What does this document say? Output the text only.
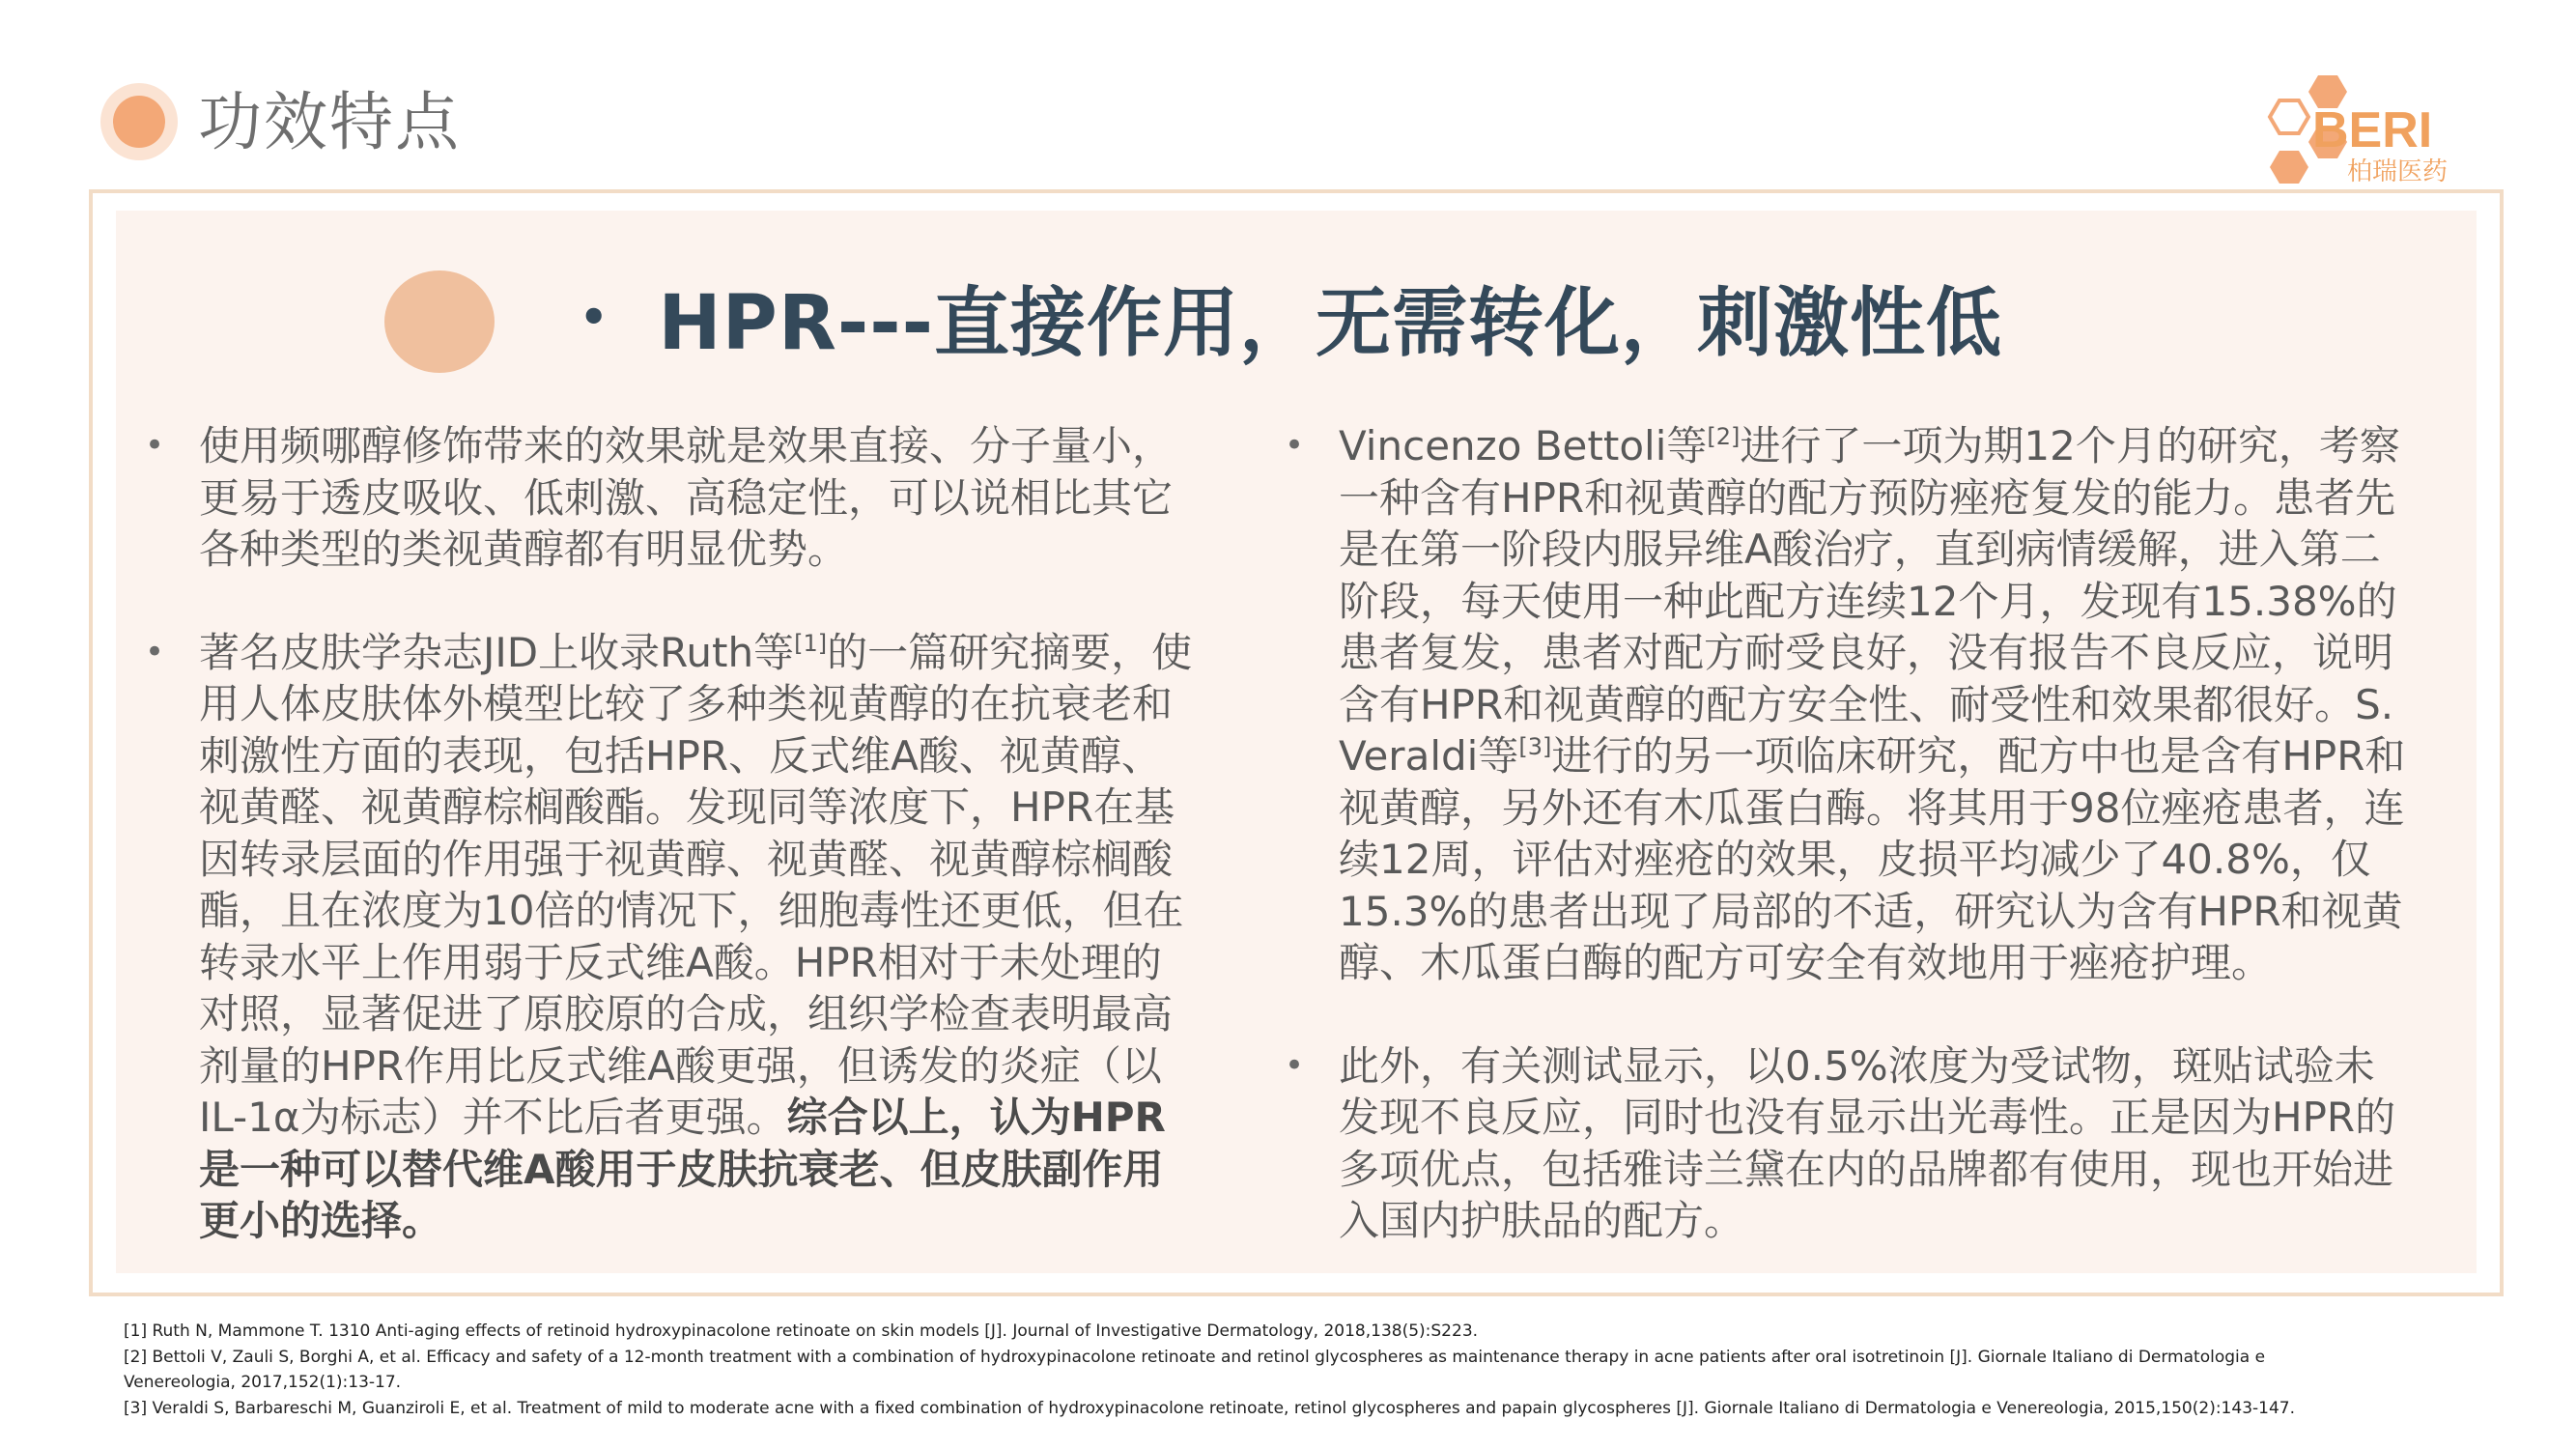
功效特点	BERI
柏瑞医药
• HPR---直接作用，无需转化，刺激性低
• 使用频哪醇修饰带来的效果就是效果直接、分子量小，
更易于透皮吸收、低刺激、高稳定性，可以说相比其它
各种类型的类视黄醇都有明显优势。
• 著名皮肤学杂志JID上收录Ruth等[1]的一篇研究摘要，使
用人体皮肤体外模型比较了多种类视黄醇的在抗衰老和
刺激性方面的表现，包括HPR、反式维A酸、视黄醇、
视黄醛、视黄醇棕榈酸酯。发现同等浓度下，HPR在基
因转录层面的作用强于视黄醇、视黄醛、视黄醇棕榈酸
酯，且在浓度为10倍的情况下，细胞毒性还更低，但在
转录水平上作用弱于反式维A酸。HPR相对于未处理的
对照，显著促进了原胶原的合成，组织学检查表明最高
剂量的HPR作用比反式维A酸更强，但诱发的炎症（以
IL-1α为标志）并不比后者更强。综合以上，认为HPR
是一种可以替代维A酸用于皮肤抗衰老、但皮肤副作用
更小的选择。
• Vincenzo Bettoli等[2]进行了一项为期12个月的研究，考察
一种含有HPR和视黄醇的配方预防痤疮复发的能力。患者先
是在第一阶段内服异维A酸治疗，直到病情缓解，进入第二
阶段，每天使用一种此配方连续12个月，发现有15.38%的
患者复发，患者对配方耐受良好，没有报告不良反应，说明
含有HPR和视黄醇的配方安全性、耐受性和效果都很好。S.
Veraldi等[3]进行的另一项临床研究，配方中也是含有HPR和
视黄醇，另外还有木瓜蛋白酶。将其用于98位痤疮患者，连
续12周，评估对痤疮的效果，皮损平均减少了40.8%，仅
15.3%的患者出现了局部的不适，研究认为含有HPR和视黄
醇、木瓜蛋白酶的配方可安全有效地用于痤疮护理。
• 此外，有关测试显示，以0.5%浓度为受试物，斑贴试验未
发现不良反应，同时也没有显示出光毒性。正是因为HPR的
多项优点，包括雅诗兰黛在内的品牌都有使用，现也开始进
入国内护肤品的配方。
[1] Ruth N, Mammone T. 1310 Anti-aging effects of retinoid hydroxypinacolone retinoate on skin models [J]. Journal of Investigative Dermatology, 2018,138(5):S223.
[2] Bettoli V, Zauli S, Borghi A, et al. Efficacy and safety of a 12-month treatment with a combination of hydroxypinacolone retinoate and retinol glycospheres as maintenance therapy in acne patients after oral isotretinoin [J]. Giornale Italiano di Dermatologia e
Venereologia, 2017,152(1):13-17.
[3] Veraldi S, Barbareschi M, Guanziroli E, et al. Treatment of mild to moderate acne with a fixed combination of hydroxypinacolone retinoate, retinol glycospheres and papain glycospheres [J]. Giornale Italiano di Dermatologia e Venereologia, 2015,150(2):143-147.
